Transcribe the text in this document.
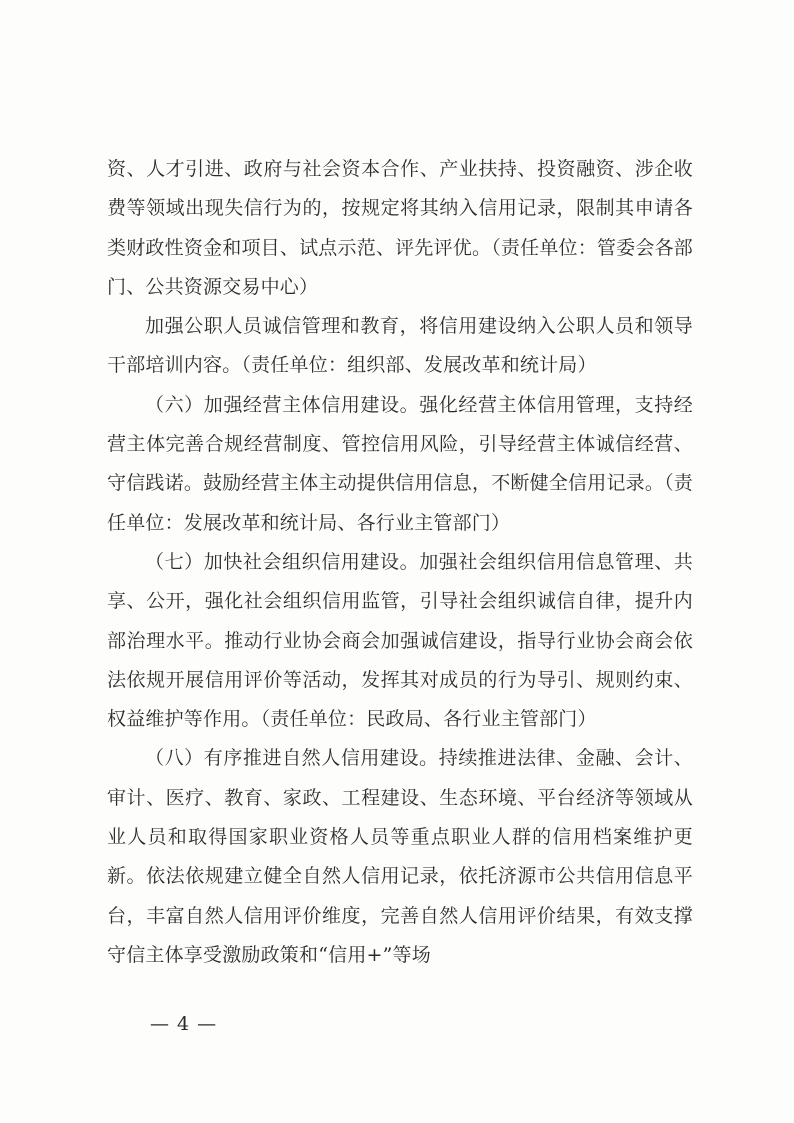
资、人才引进、政府与社会资本合作、产业扶持、投资融资、涉企收费等领域出现失信行为的，按规定将其纳入信用记录，限制其申请各类财政性资金和项目、试点示范、评先评优。（责任单位：管委会各部门、公共资源交易中心）

加强公职人员诚信管理和教育，将信用建设纳入公职人员和领导干部培训内容。（责任单位：组织部、发展改革和统计局）

（六）加强经营主体信用建设。强化经营主体信用管理，支持经营主体完善合规经营制度、管控信用风险，引导经营主体诚信经营、守信践诺。鼓励经营主体主动提供信用信息，不断健全信用记录。（责任单位：发展改革和统计局、各行业主管部门）

（七）加快社会组织信用建设。加强社会组织信用信息管理、共享、公开，强化社会组织信用监管，引导社会组织诚信自律，提升内部治理水平。推动行业协会商会加强诚信建设，指导行业协会商会依法依规开展信用评价等活动，发挥其对成员的行为导引、规则约束、权益维护等作用。（责任单位：民政局、各行业主管部门）

（八）有序推进自然人信用建设。持续推进法律、金融、会计、审计、医疗、教育、家政、工程建设、生态环境、平台经济等领域从业人员和取得国家职业资格人员等重点职业人群的信用档案维护更新。依法依规建立健全自然人信用记录，依托济源市公共信用信息平台，丰富自然人信用评价维度，完善自然人信用评价结果，有效支撑守信主体享受激励政策和“信用+”等场

— 4 —
